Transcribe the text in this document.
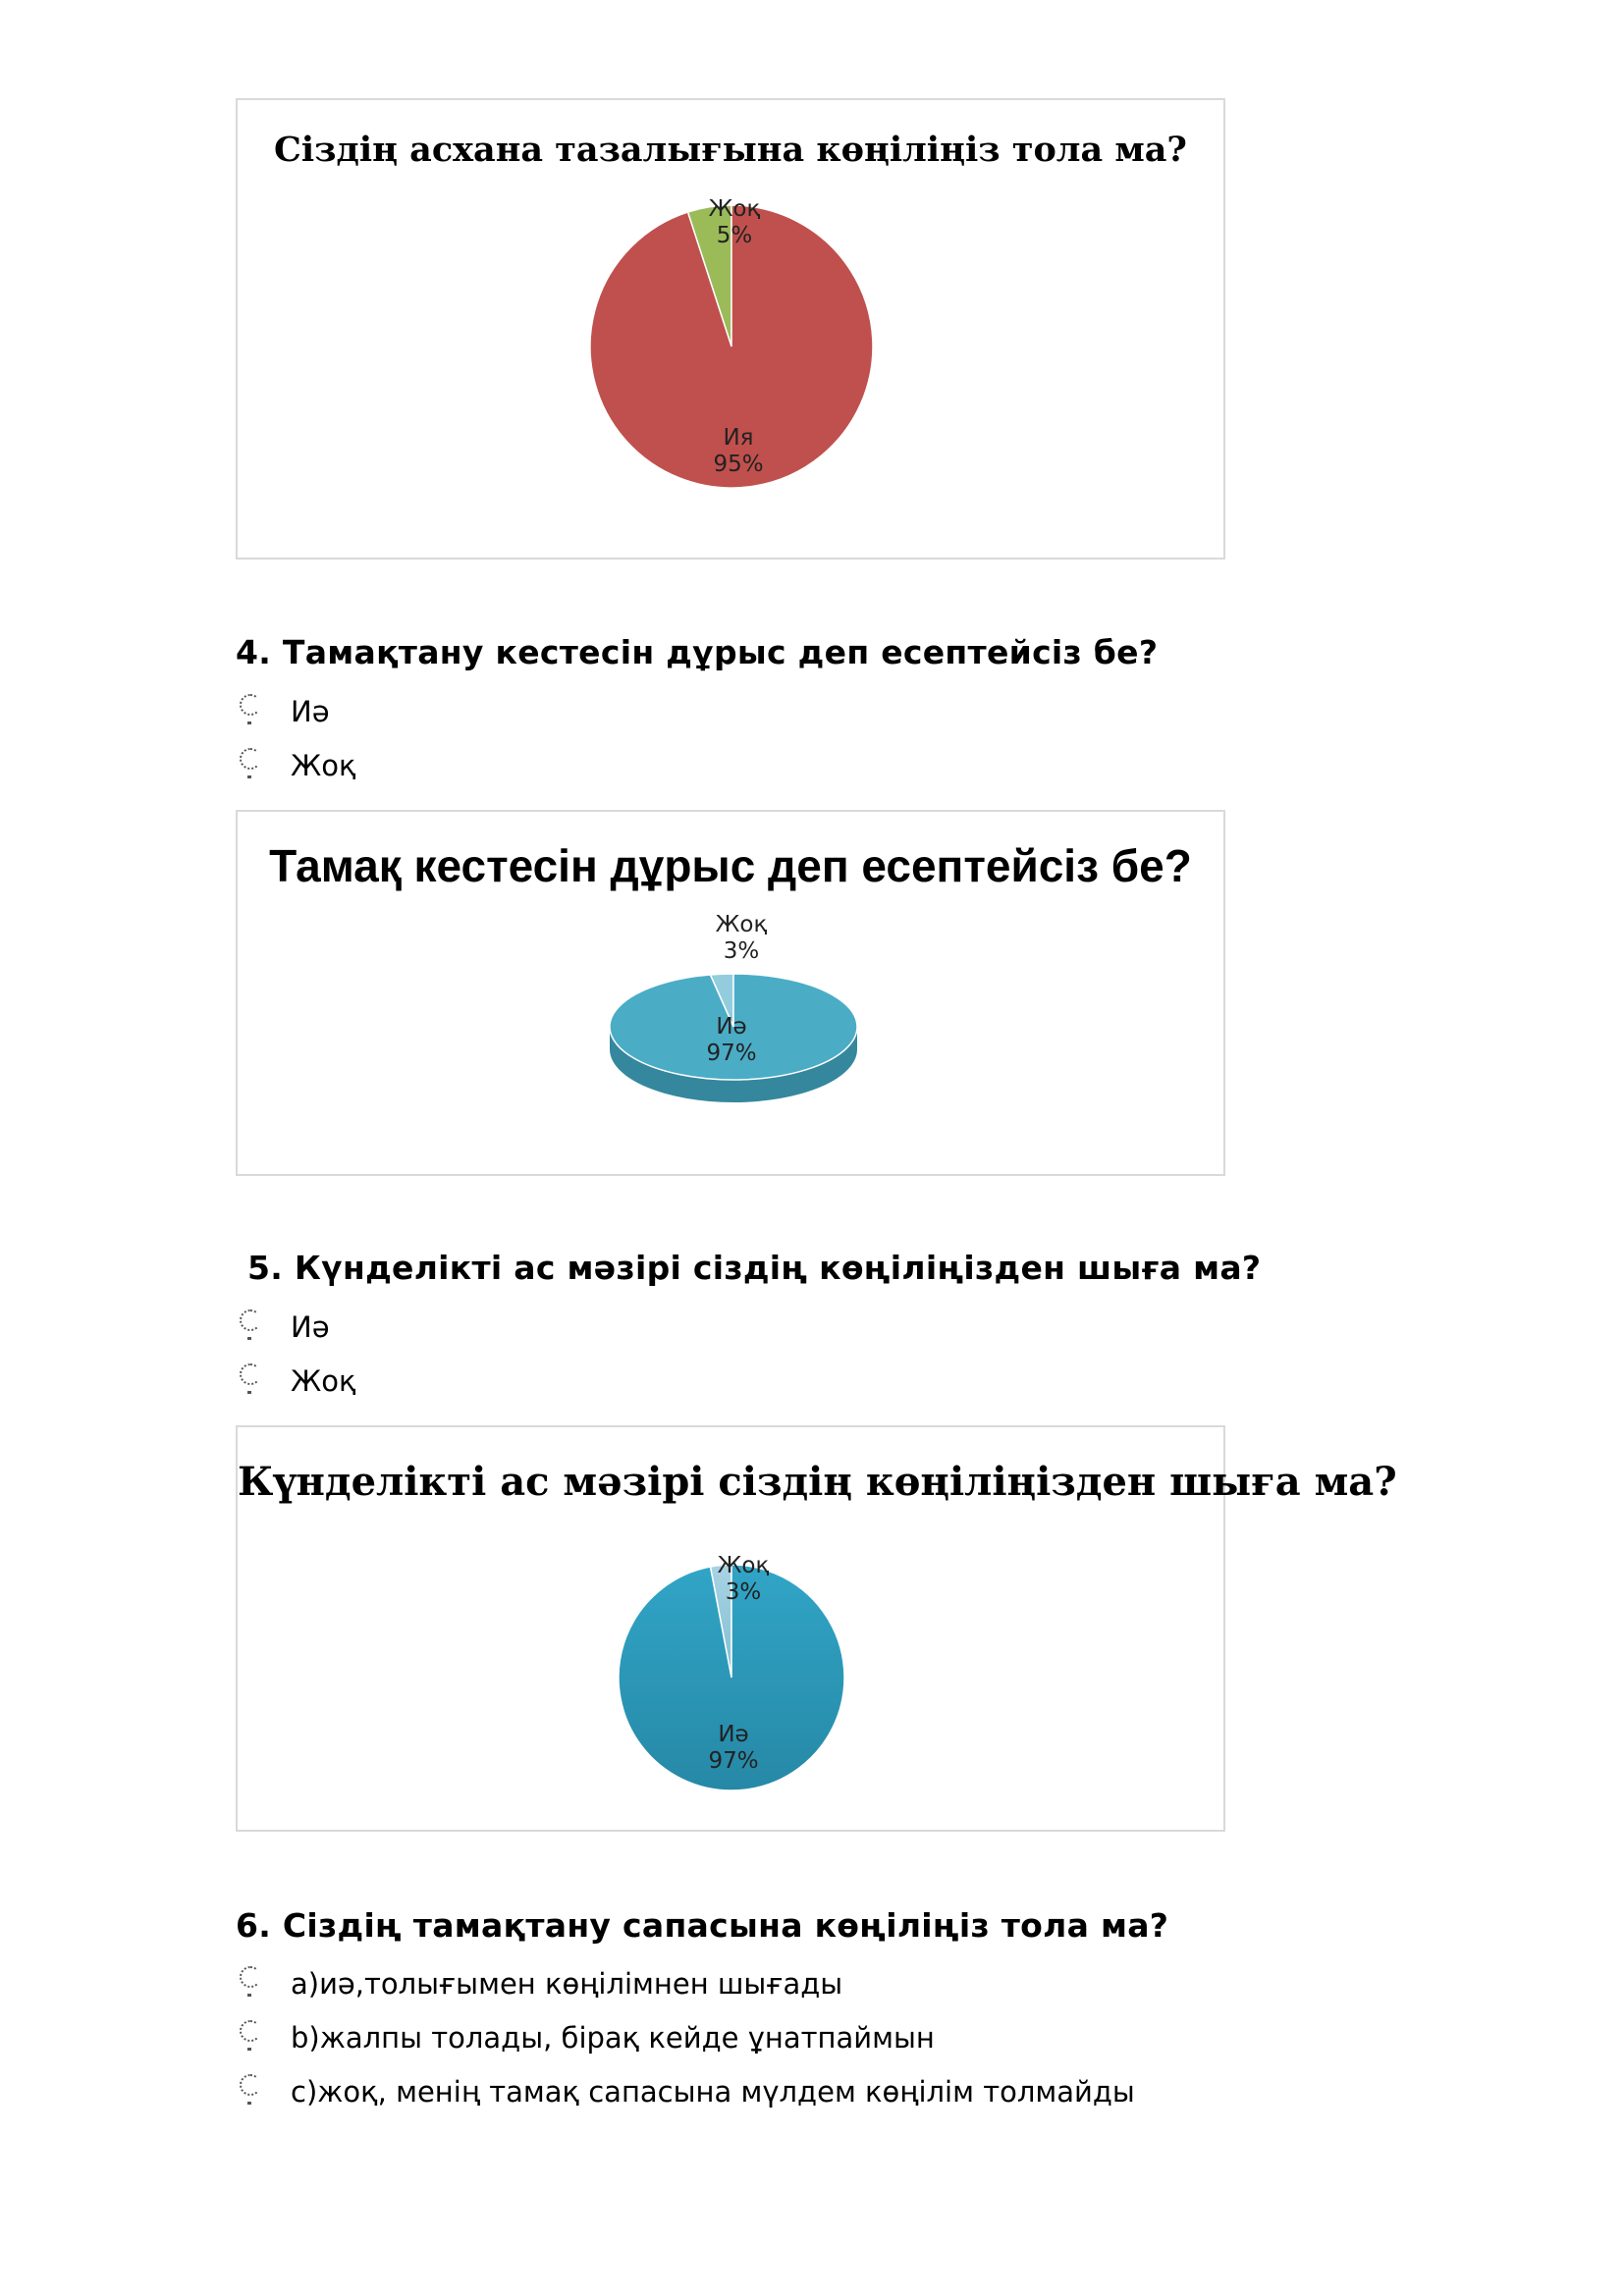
Жоқ
5%
Ия
95%
Сіздің асхана тазалығына көңіліңіз тола ма?
4. Тамақтану кестесін дұрыс деп есептейсіз бе?
Иә
Жоқ
Жоқ
3%
Иә
97%
Тамақ кестесін дұрыс деп есептейсіз бе?
5. Күнделікті ас мәзірі сіздің көңіліңізден шыға ма?
Иә
Жоқ
Жоқ
3%
Иә
97%
Күнделікті ас мәзірі сіздің көңіліңізден шыға ма?
6. Сіздің тамақтану сапасына көңіліңіз тола ма?
a)иә,толығымен көңілімнен шығады
b)жалпы толады, бірақ кейде ұнатпаймын
c)жоқ, менің тамақ сапасына мүлдем көңілім толмайды
